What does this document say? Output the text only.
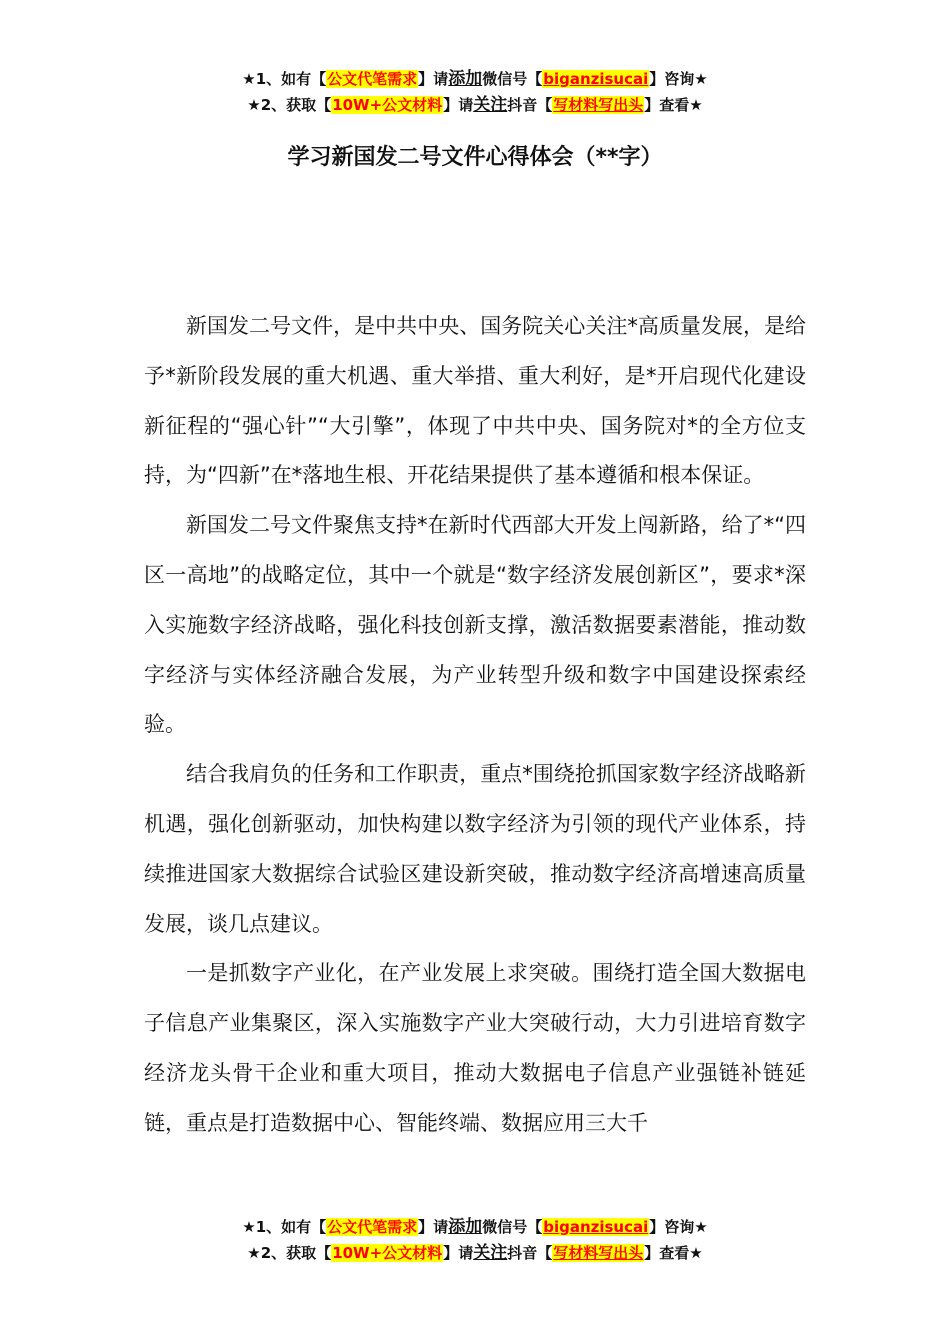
★1、如有【公文代笔需求】请添加微信号【biganzisucai】咨询★
★2、获取【10W+公文材料】请关注抖音【写材料写出头】查看★
学习新国发二号文件心得体会（**字）

新国发二号文件，是中共中央、国务院关心关注*高质量发展，是给予*新阶段发展的重大机遇、重大举措、重大利好，是*开启现代化建设新征程的“强心针”“大引擎”，体现了中共中央、国务院对*的全方位支持，为“四新”在*落地生根、开花结果提供了基本遵循和根本保证。

新国发二号文件聚焦支持*在新时代西部大开发上闯新路，给了*“四区一高地”的战略定位，其中一个就是“数字经济发展创新区”，要求*深入实施数字经济战略，强化科技创新支撑，激活数据要素潜能，推动数字经济与实体经济融合发展，为产业转型升级和数字中国建设探索经验。

结合我肩负的任务和工作职责，重点*围绕抢抓国家数字经济战略新机遇，强化创新驱动，加快构建以数字经济为引领的现代产业体系，持续推进国家大数据综合试验区建设新突破，推动数字经济高增速高质量发展，谈几点建议。

一是抓数字产业化，在产业发展上求突破。围绕打造全国大数据电子信息产业集聚区，深入实施数字产业大突破行动，大力引进培育数字经济龙头骨干企业和重大项目，推动大数据电子信息产业强链补链延链，重点是打造数据中心、智能终端、数据应用三大千

★1、如有【公文代笔需求】请添加微信号【biganzisucai】咨询★
★2、获取【10W+公文材料】请关注抖音【写材料写出头】查看★
